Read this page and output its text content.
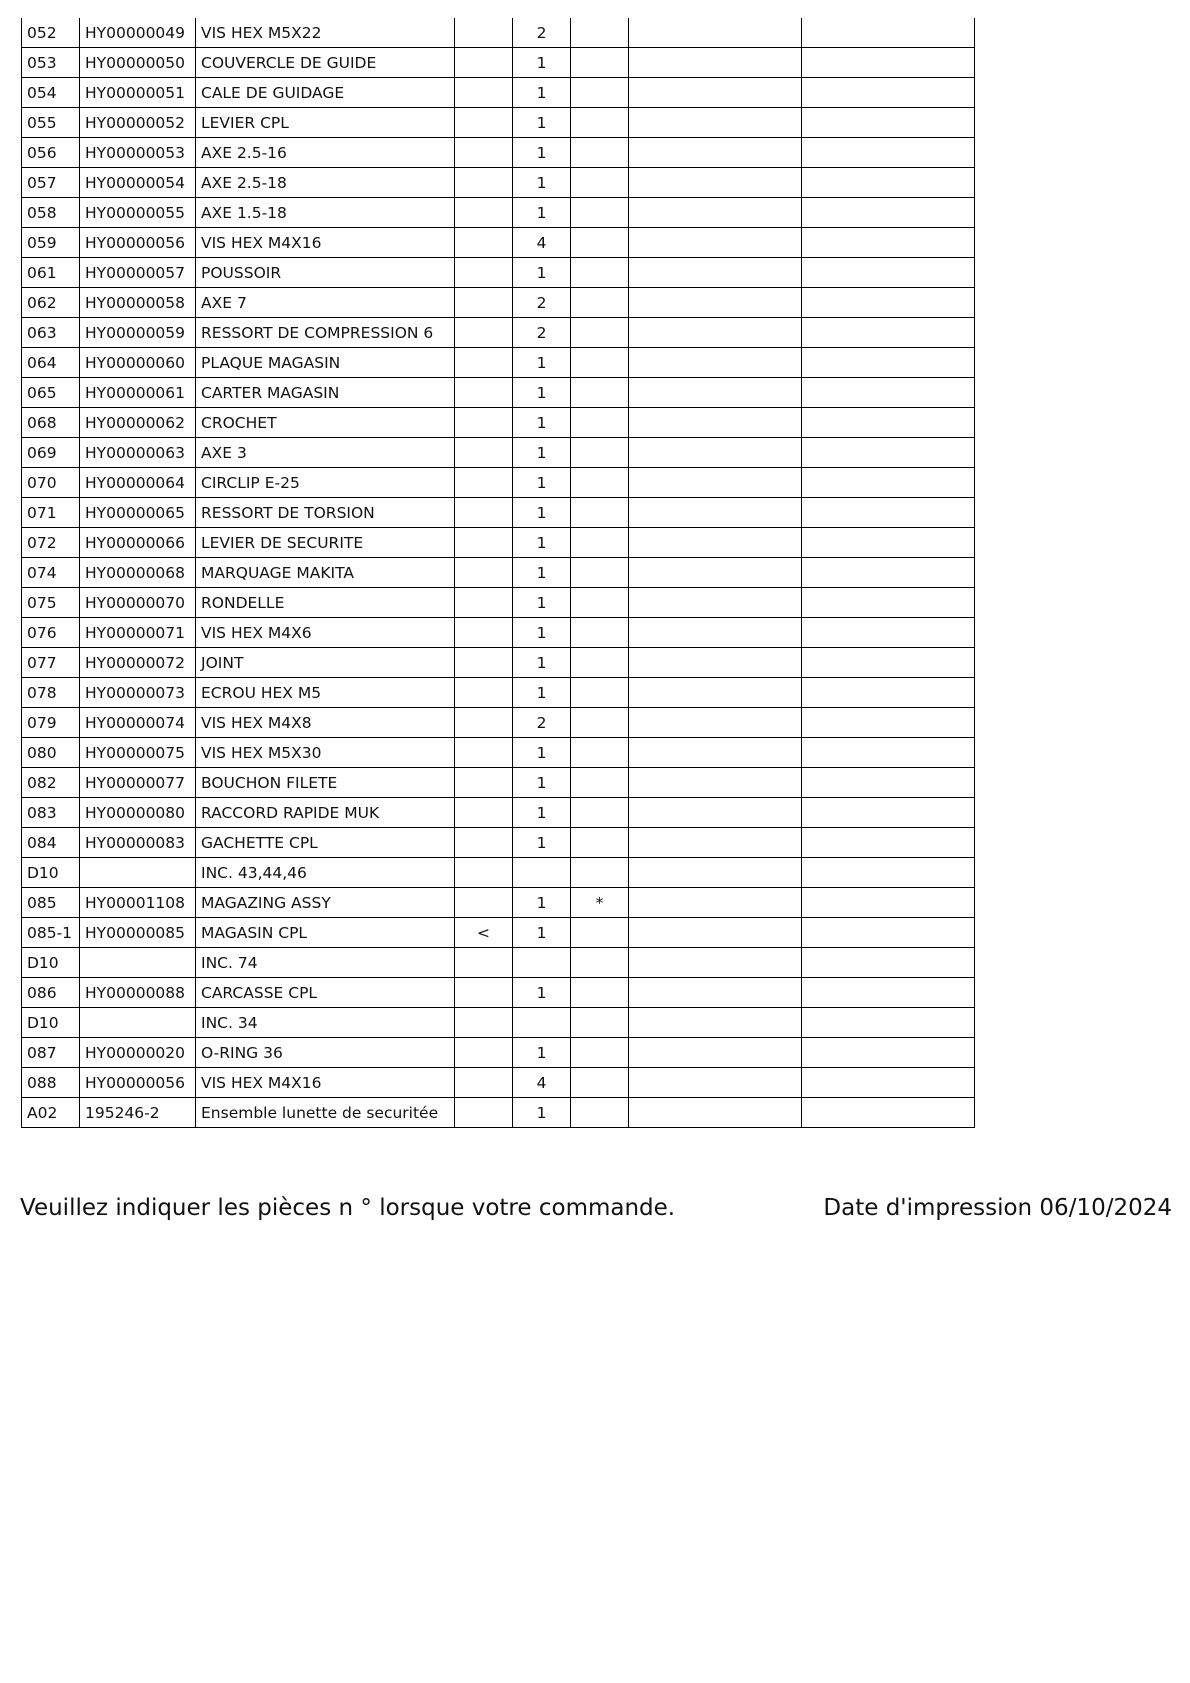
052	HY00000049	VIS HEX M5X22		2			
053	HY00000050	COUVERCLE DE GUIDE		1			
054	HY00000051	CALE DE GUIDAGE		1			
055	HY00000052	LEVIER CPL		1			
056	HY00000053	AXE 2.5-16		1			
057	HY00000054	AXE 2.5-18		1			
058	HY00000055	AXE 1.5-18		1			
059	HY00000056	VIS HEX M4X16		4			
061	HY00000057	POUSSOIR		1			
062	HY00000058	AXE 7		2			
063	HY00000059	RESSORT DE COMPRESSION 6		2			
064	HY00000060	PLAQUE MAGASIN		1			
065	HY00000061	CARTER MAGASIN		1			
068	HY00000062	CROCHET		1			
069	HY00000063	AXE 3		1			
070	HY00000064	CIRCLIP E-25		1			
071	HY00000065	RESSORT DE TORSION		1			
072	HY00000066	LEVIER DE SECURITE		1			
074	HY00000068	MARQUAGE MAKITA		1			
075	HY00000070	RONDELLE		1			
076	HY00000071	VIS HEX M4X6		1			
077	HY00000072	JOINT		1			
078	HY00000073	ECROU HEX M5		1			
079	HY00000074	VIS HEX M4X8		2			
080	HY00000075	VIS HEX M5X30		1			
082	HY00000077	BOUCHON FILETE		1			
083	HY00000080	RACCORD RAPIDE MUK		1			
084	HY00000083	GACHETTE CPL		1			
D10		INC. 43,44,46					
085	HY00001108	MAGAZING ASSY		1	*		
085-1	HY00000085	MAGASIN CPL	<	1			
D10		INC. 74					
086	HY00000088	CARCASSE CPL		1			
D10		INC. 34					
087	HY00000020	O-RING 36		1			
088	HY00000056	VIS HEX M4X16		4			
A02	195246-2	Ensemble lunette de securitée		1			
Veuillez indiquer les pièces n ° lorsque votre commande.	Date d'impression 06/10/2024
